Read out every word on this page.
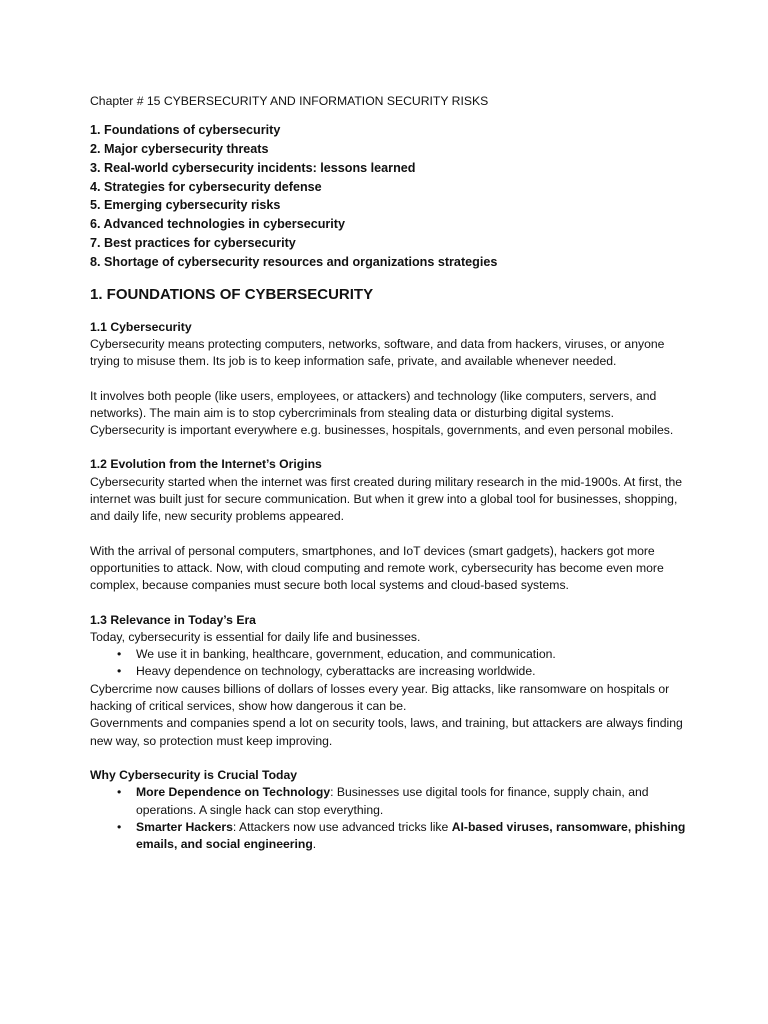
Chapter # 15 CYBERSECURITY AND INFORMATION SECURITY RISKS

1. Foundations of cybersecurity
2. Major cybersecurity threats
3. Real-world cybersecurity incidents: lessons learned
4. Strategies for cybersecurity defense
5. Emerging cybersecurity risks
6. Advanced technologies in cybersecurity
7. Best practices for cybersecurity
8. Shortage of cybersecurity resources and organizations strategies
1. FOUNDATIONS OF CYBERSECURITY
1.1 Cybersecurity

Cybersecurity means protecting computers, networks, software, and data from hackers, viruses, or anyone trying to misuse them. Its job is to keep information safe, private, and available whenever needed.

It involves both people (like users, employees, or attackers) and technology (like computers, servers, and networks). The main aim is to stop cybercriminals from stealing data or disturbing digital systems. Cybersecurity is important everywhere e.g. businesses, hospitals, governments, and even personal mobiles.

1.2 Evolution from the Internet’s Origins

Cybersecurity started when the internet was first created during military research in the mid-1900s. At first, the internet was built just for secure communication. But when it grew into a global tool for businesses, shopping, and daily life, new security problems appeared.

With the arrival of personal computers, smartphones, and IoT devices (smart gadgets), hackers got more opportunities to attack. Now, with cloud computing and remote work, cybersecurity has become even more complex, because companies must secure both local systems and cloud-based systems.

1.3 Relevance in Today’s Era

Today, cybersecurity is essential for daily life and businesses.

• We use it in banking, healthcare, government, education, and communication.
• Heavy dependence on technology, cyberattacks are increasing worldwide.

Cybercrime now causes billions of dollars of losses every year. Big attacks, like ransomware on hospitals or hacking of critical services, show how dangerous it can be.

Governments and companies spend a lot on security tools, laws, and training, but attackers are always finding new way, so protection must keep improving.

Why Cybersecurity is Crucial Today
• More Dependence on Technology: Businesses use digital tools for finance, supply chain, and operations. A single hack can stop everything.
• Smarter Hackers: Attackers now use advanced tricks like AI-based viruses, ransomware, phishing emails, and social engineering.
